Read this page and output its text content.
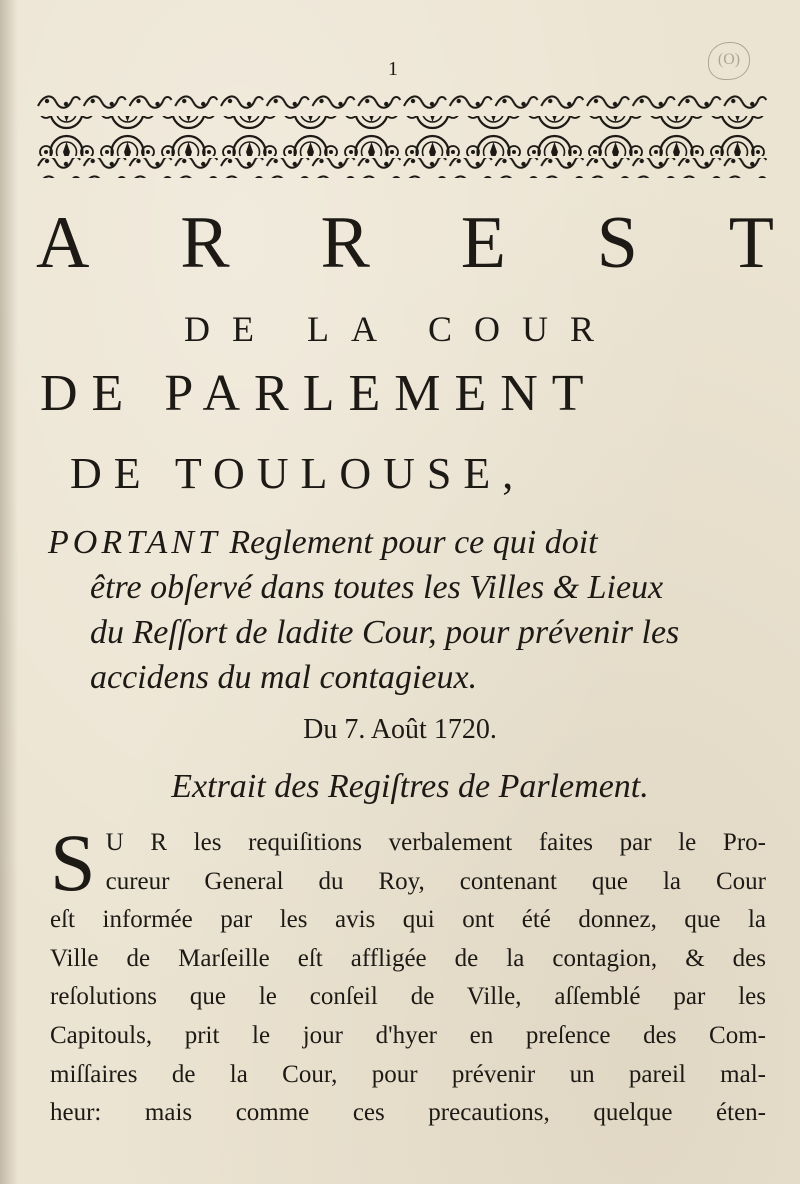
1	(O)
A R R E S T
DE LA COUR
DE PARLEMENT
DE TOULOUSE,
PORTANT Reglement pour ce qui doit
être obſervé dans toutes les Villes & Lieux
du Reſſort de ladite Cour, pour prévenir les
accidens du mal contagieux.
Du 7. Août 1720.
Extrait des Regiſtres de Parlement.
S U R les requiſitions verbalement faites par le Pro-
cureur General du Roy, contenant que la Cour
eſt informée par les avis qui ont été donnez, que la
Ville de Marſeille eſt affligée de la contagion, & des
reſolutions que le conſeil de Ville, aſſemblé par les
Capitouls, prit le jour d'hyer en preſence des Com-
miſſaires de la Cour, pour prévenir un pareil mal-
heur: mais comme ces precautions, quelque éten-
